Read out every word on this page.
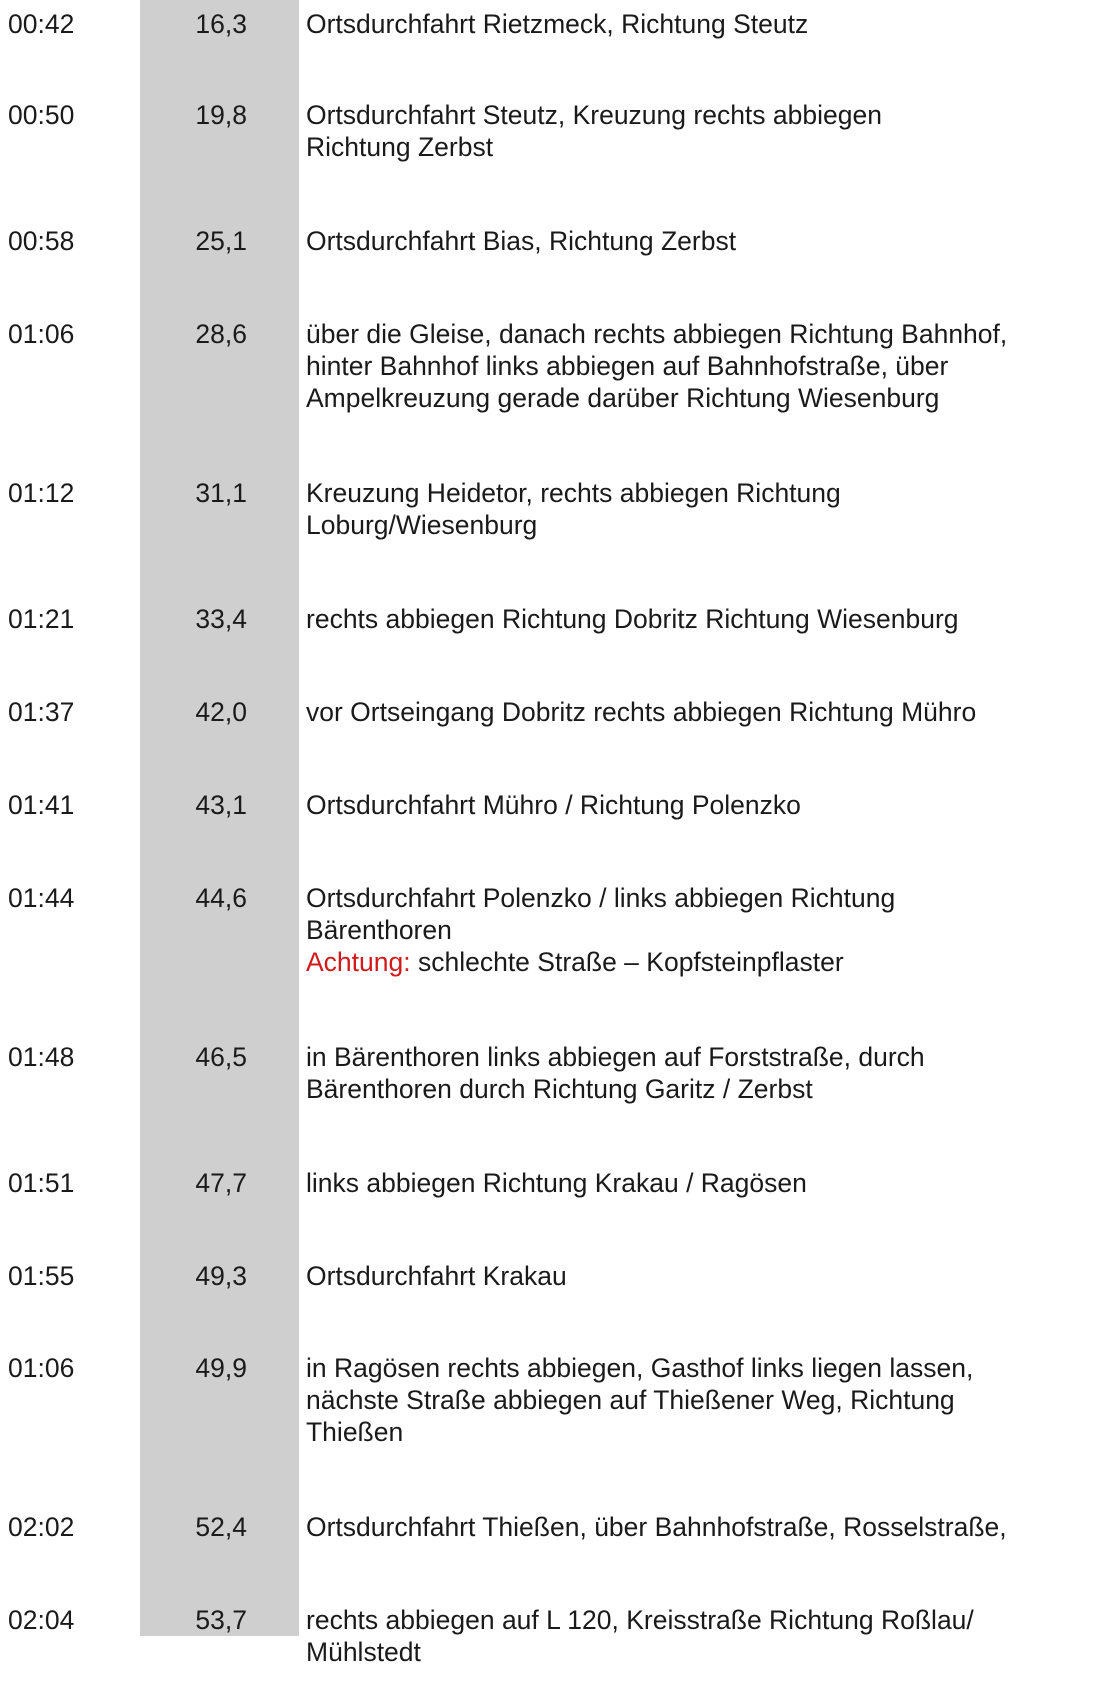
00:42	16,3 Ortsdurchfahrt Rietzmeck, Richtung Steutz
00:50	19,8 Ortsdurchfahrt Steutz, Kreuzung rechts abbiegen
Richtung Zerbst
00:58	25,1 Ortsdurchfahrt Bias, Richtung Zerbst
01:06	28,6 über die Gleise, danach rechts abbiegen Richtung Bahnhof,
hinter Bahnhof links abbiegen auf Bahnhofstraße, über
Ampelkreuzung gerade darüber Richtung Wiesenburg
01:12	31,1 Kreuzung Heidetor, rechts abbiegen Richtung
Loburg/Wiesenburg
01:21	33,4 rechts abbiegen Richtung Dobritz Richtung Wiesenburg
01:37	42,0 vor Ortseingang Dobritz rechts abbiegen Richtung Mühro
01:41	43,1 Ortsdurchfahrt Mühro / Richtung Polenzko
01:44	44,6 Ortsdurchfahrt Polenzko / links abbiegen Richtung
Bärenthoren
Achtung: schlechte Straße – Kopfsteinpflaster
01:48	46,5 in Bärenthoren links abbiegen auf Forststraße, durch
Bärenthoren durch Richtung Garitz / Zerbst
01:51	47,7 links abbiegen Richtung Krakau / Ragösen
01:55	49,3 Ortsdurchfahrt Krakau
01:06	49,9 in Ragösen rechts abbiegen, Gasthof links liegen lassen,
nächste Straße abbiegen auf Thießener Weg, Richtung
Thießen
02:02	52,4 Ortsdurchfahrt Thießen, über Bahnhofstraße, Rosselstraße,
02:04	53,7 rechts abbiegen auf L 120, Kreisstraße Richtung Roßlau/
Mühlstedt
